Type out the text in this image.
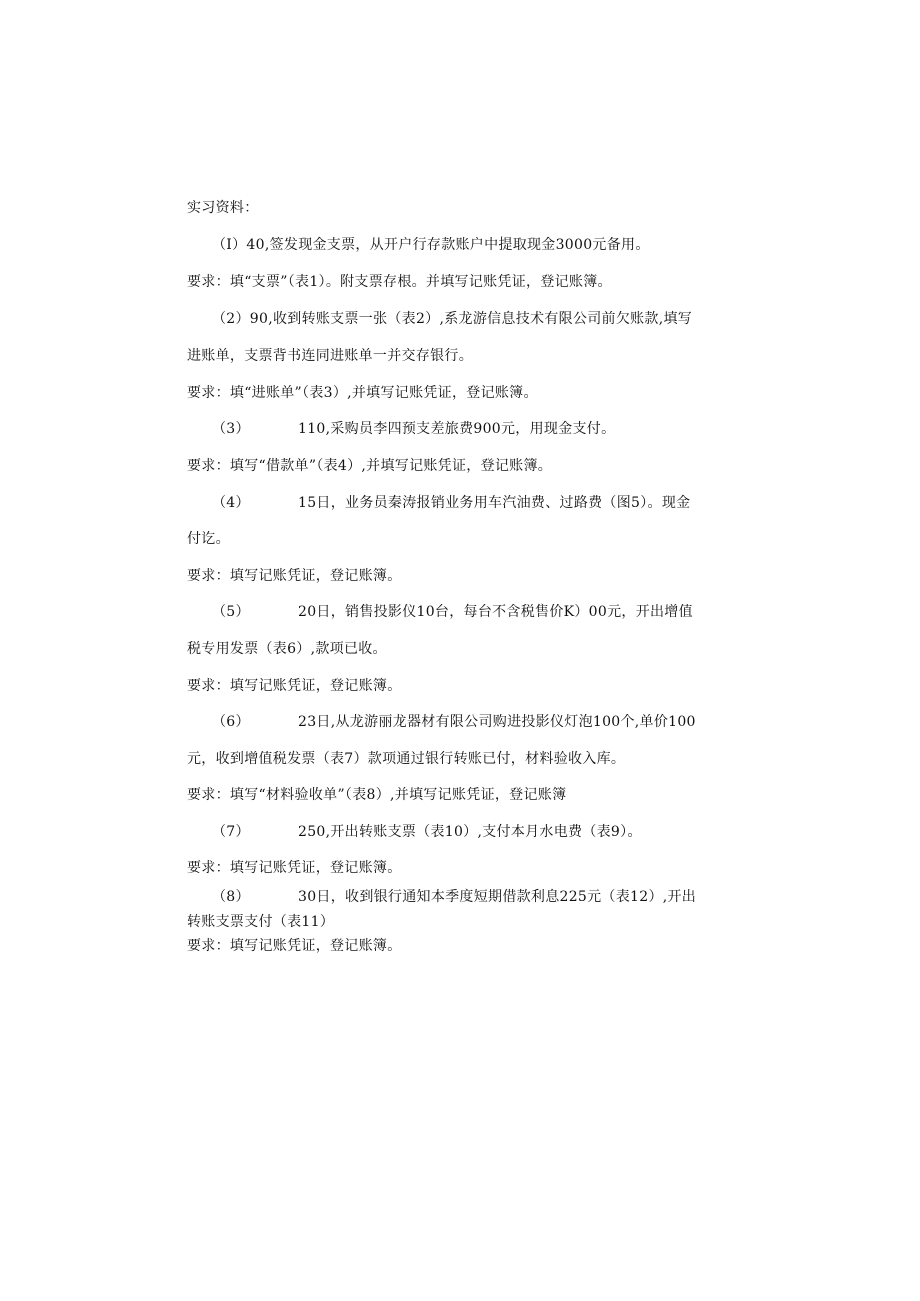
实习资料：
（I）40,签发现金支票，从开户行存款账户中提取现金3000元备用。
要求：填“支票”（表1）。附支票存根。并填写记账凭证，登记账簿。
（2）90,收到转账支票一张（表2）,系龙游信息技术有限公司前欠账款,填写
进账单，支票背书连同进账单一并交存银行。
要求：填“进账单”（表3）,并填写记账凭证，登记账簿。
（3）	110,采购员李四预支差旅费900元，用现金支付。
要求：填写“借款单”（表4）,并填写记账凭证，登记账簿。
（4）	15日，业务员秦涛报销业务用车汽油费、过路费（图5）。现金
付讫。
要求：填写记账凭证，登记账簿。
（5）	20日，销售投影仪10台，每台不含税售价K）00元，开出增值
税专用发票（表6）,款项已收。
要求：填写记账凭证，登记账簿。
（6）	23日,从龙游丽龙器材有限公司购进投影仪灯泡100个,单价100
元，收到增值税发票（表7）款项通过银行转账已付，材料验收入库。
要求：填写“材料验收单”（表8）,并填写记账凭证，登记账簿
（7）	250,开出转账支票（表10）,支付本月水电费（表9）。
要求：填写记账凭证，登记账簿。
（8）	30日，收到银行通知本季度短期借款利息225元（表12）,开出
转账支票支付（表11）
要求：填写记账凭证，登记账簿。
